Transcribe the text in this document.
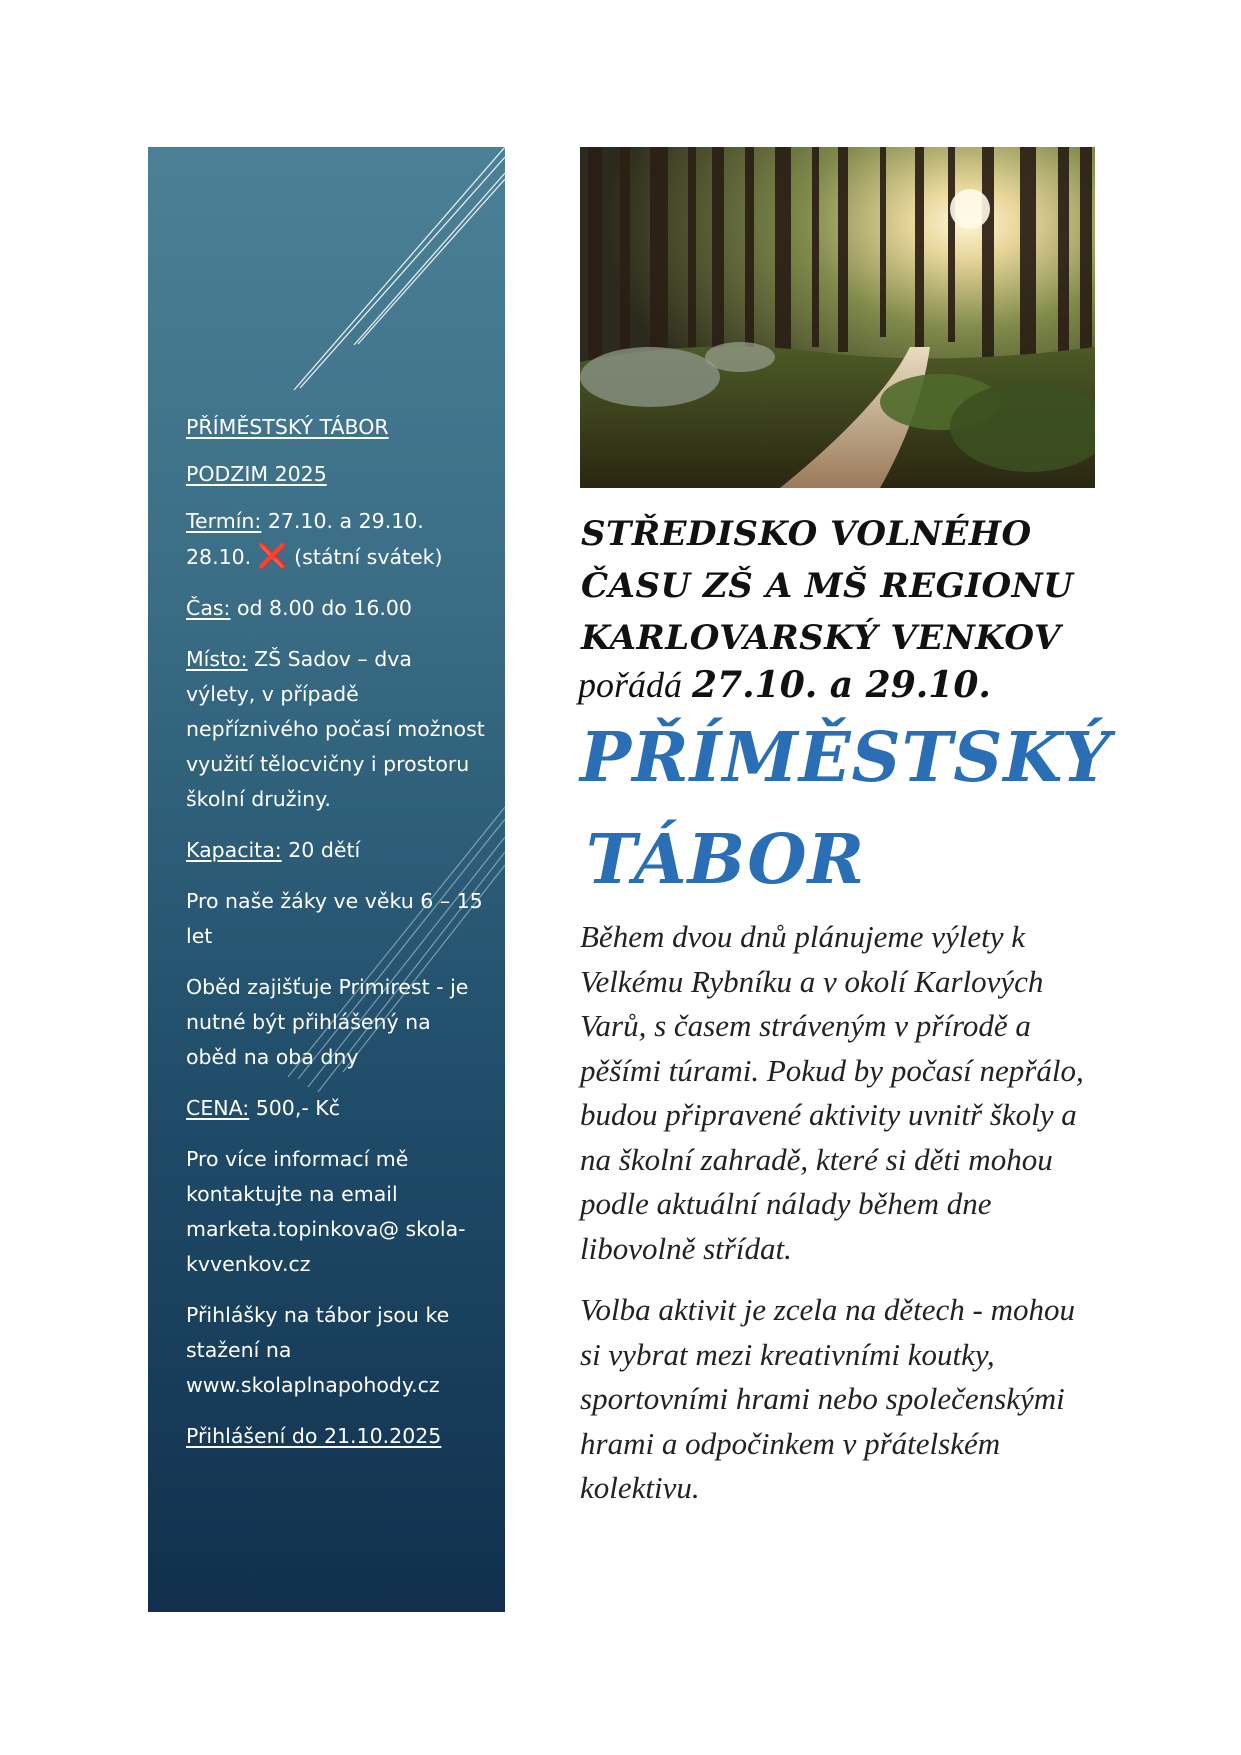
PŘÍMĚSTSKÝ TÁBOR

PODZIM 2025

Termín: 27.10. a 29.10.
28.10. ❌ (státní svátek)

Čas: od 8.00 do 16.00

Místo: ZŠ Sadov – dva výlety, v případě nepříznivého počasí možnost využití tělocvičny i prostoru školní družiny.

Kapacita: 20 dětí

Pro naše žáky ve věku 6 – 15 let

Oběd zajišťuje Primirest - je nutné být přihlášený na oběd na oba dny

CENA: 500,- Kč

Pro více informací mě kontaktujte na email marketa.topinkova@ skola-kvvenkov.cz

Přihlášky na tábor jsou ke stažení na www.skolaplnapohody.cz

Přihlášení do 21.10.2025

STŘEDISKO VOLNÉHO
ČASU ZŠ A MŠ REGIONU
KARLOVARSKÝ VENKOV
pořádá 27.10. a 29.10.
PŘÍMĚSTSKÝ
TÁBOR

Během dvou dnů plánujeme výlety k Velkému Rybníku a v okolí Karlových Varů, s časem stráveným v přírodě a pěšími túrami. Pokud by počasí nepřálo, budou připravené aktivity uvnitř školy a na školní zahradě, které si děti mohou podle aktuální nálady během dne libovolně střídat.

Volba aktivit je zcela na dětech - mohou si vybrat mezi kreativními koutky, sportovními hrami nebo společenskými hrami a odpočinkem v přátelském kolektivu.
